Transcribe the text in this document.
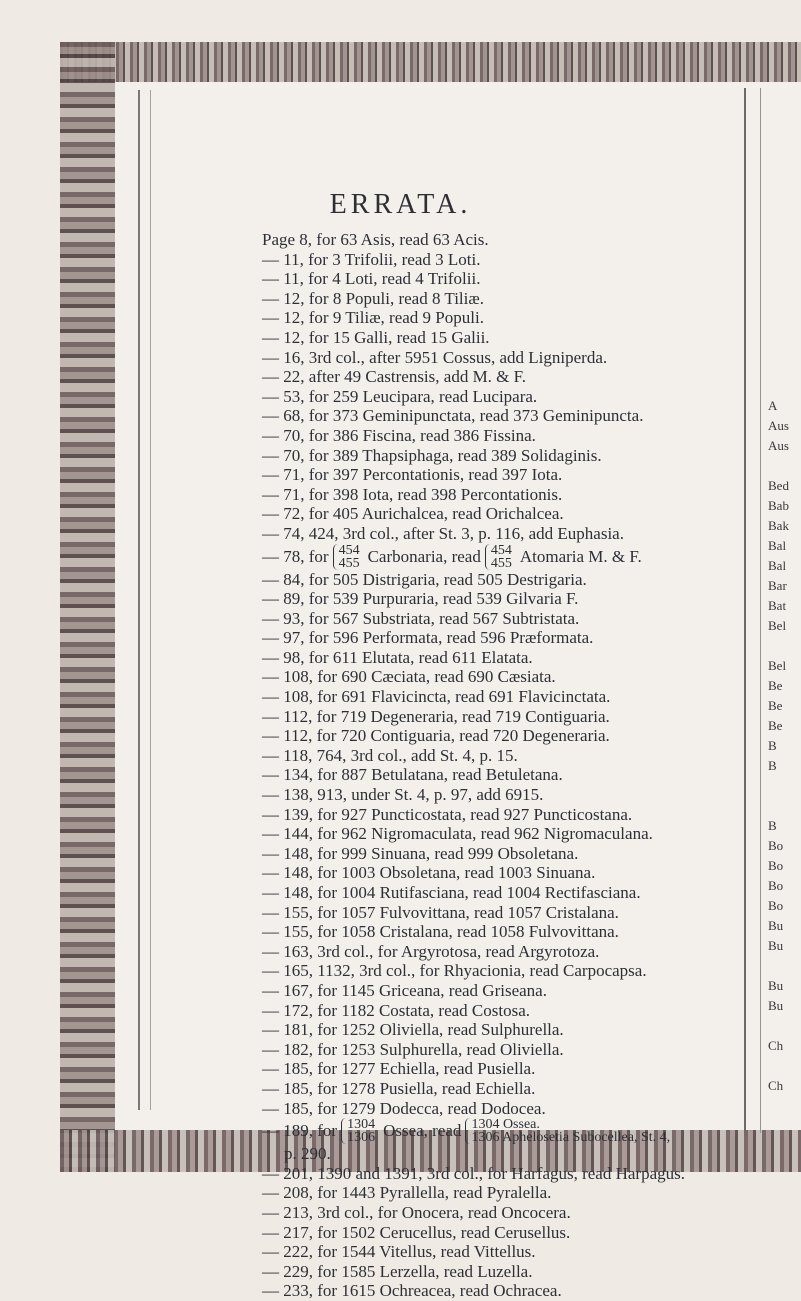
ERRATA.
Page 8, for 63 Asis, read 63 Acis.
— 11, for 3 Trifolii, read 3 Loti.
— 11, for 4 Loti, read 4 Trifolii.
— 12, for 8 Populi, read 8 Tiliæ.
— 12, for 9 Tiliæ, read 9 Populi.
— 12, for 15 Galli, read 15 Galii.
— 16, 3rd col., after 5951 Cossus, add Ligniperda.
— 22, after 49 Castrensis, add M. & F.
— 53, for 259 Leucipara, read Lucipara.
— 68, for 373 Geminipunctata, read 373 Geminipuncta.
— 70, for 386 Fiscina, read 386 Fissina.
— 70, for 389 Thapsiphaga, read 389 Solidaginis.
— 71, for 397 Percontationis, read 397 Iota.
— 71, for 398 Iota, read 398 Percontationis.
— 72, for 405 Aurichalcea, read Orichalcea.
— 74, 424, 3rd col., after St. 3, p. 116, add Euphasia.
— 78, for 454
455 Carbonaria, read 454
455 Atomaria M. & F.
— 84, for 505 Distrigaria, read 505 Destrigaria.
— 89, for 539 Purpuraria, read 539 Gilvaria F.
— 93, for 567 Substriata, read 567 Subtristata.
— 97, for 596 Performata, read 596 Præformata.
— 98, for 611 Elutata, read 611 Elatata.
— 108, for 690 Cæciata, read 690 Cæsiata.
— 108, for 691 Flavicincta, read 691 Flavicinctata.
— 112, for 719 Degeneraria, read 719 Contiguaria.
— 112, for 720 Contiguaria, read 720 Degeneraria.
— 118, 764, 3rd col., add St. 4, p. 15.
— 134, for 887 Betulatana, read Betuletana.
— 138, 913, under St. 4, p. 97, add 6915.
— 139, for 927 Puncticostata, read 927 Puncticostana.
— 144, for 962 Nigromaculata, read 962 Nigromaculana.
— 148, for 999 Sinuana, read 999 Obsoletana.
— 148, for 1003 Obsoletana, read 1003 Sinuana.
— 148, for 1004 Rutifasciana, read 1004 Rectifasciana.
— 155, for 1057 Fulvovittana, read 1057 Cristalana.
— 155, for 1058 Cristalana, read 1058 Fulvovittana.
— 163, 3rd col., for Argyrotosa, read Argyrotoza.
— 165, 1132, 3rd col., for Rhyacionia, read Carpocapsa.
— 167, for 1145 Griceana, read Griseana.
— 172, for 1182 Costata, read Costosa.
— 181, for 1252 Oliviella, read Sulphurella.
— 182, for 1253 Sulphurella, read Oliviella.
— 185, for 1277 Echiella, read Pusiella.
— 185, for 1278 Pusiella, read Echiella.
— 185, for 1279 Dodecca, read Dodocea.
— 189, for 1304
1306 Ossea, read 1304 Ossea.
1306 Aphelosetia Subocellea, St. 4,
p. 290.
— 201, 1390 and 1391, 3rd col., for Harfagus, read Harpagus.
— 208, for 1443 Pyrallella, read Pyralella.
— 213, 3rd col., for Onocera, read Oncocera.
— 217, for 1502 Cerucellus, read Cerusellus.
— 222, for 1544 Vitellus, read Vittellus.
— 229, for 1585 Lerzella, read Luzella.
— 233, for 1615 Ochreacea, read Ochracea.
A
Aus
Aus
Bed
Bab
Bak
Bal
Bal
Bar
Bat
Bel
Bel
Be
Be
Be
B
B
B
Bo
Bo
Bo
Bo
Bu
Bu
Bu
Bu
Ch
Ch
